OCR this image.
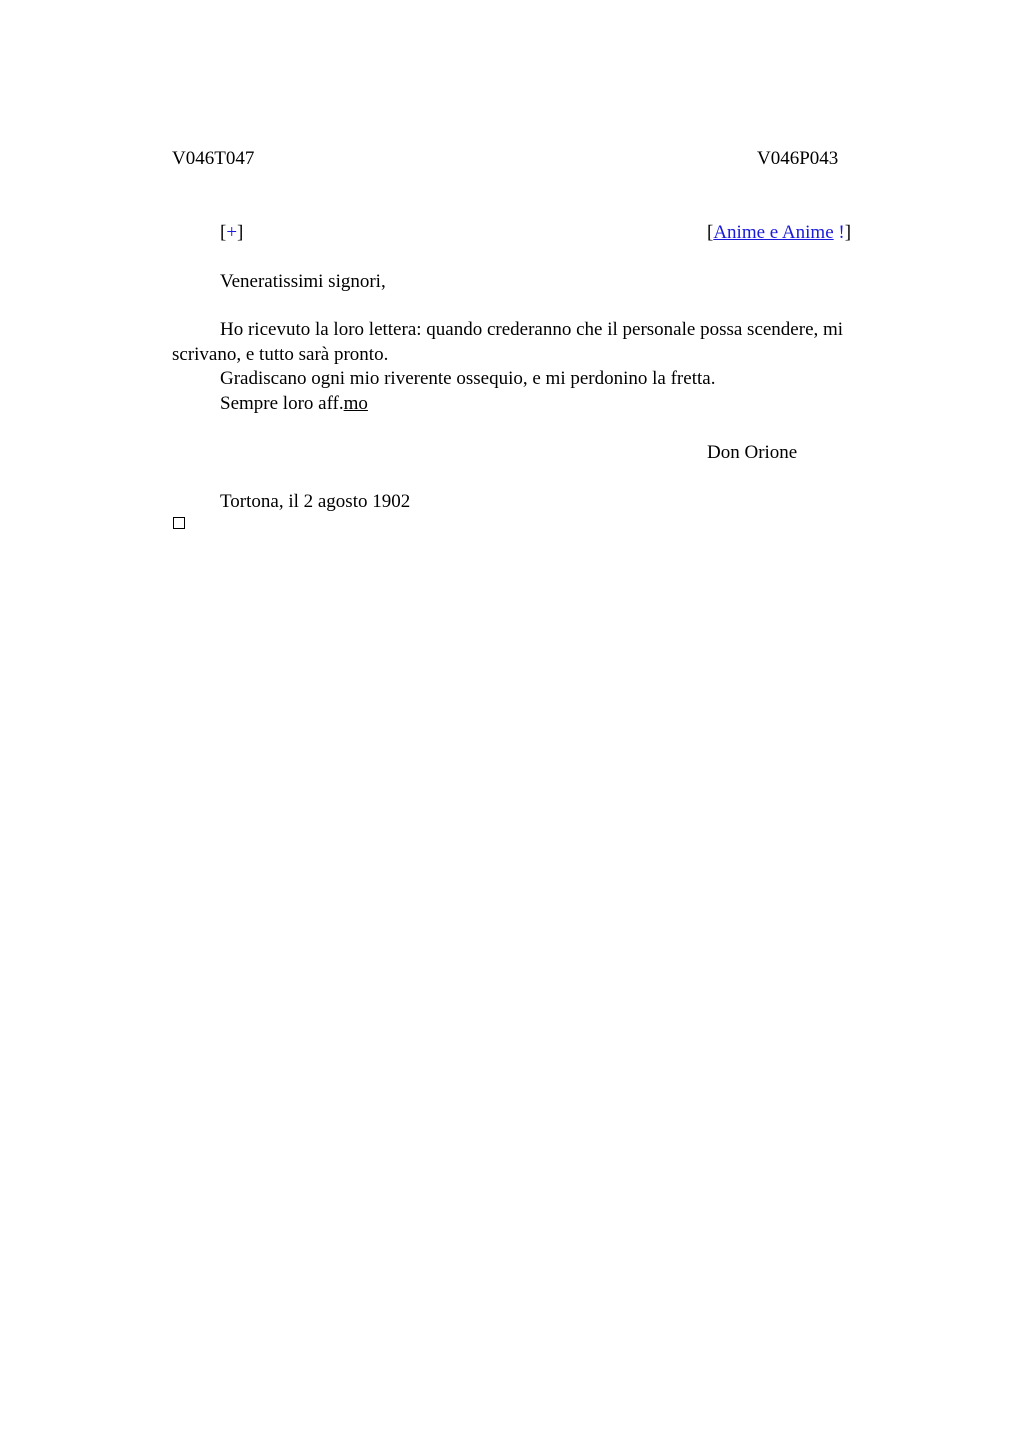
V046T047	V046P043
[+]	[Anime e Anime !]
Veneratissimi signori,

Ho ricevuto la loro lettera: quando crederanno che il personale possa scendere, mi scrivano, e tutto sarà pronto.

Gradiscano ogni mio riverente ossequio, e mi perdonino la fretta.

Sempre loro aff.mo

Don Orione
Tortona, il 2 agosto 1902
